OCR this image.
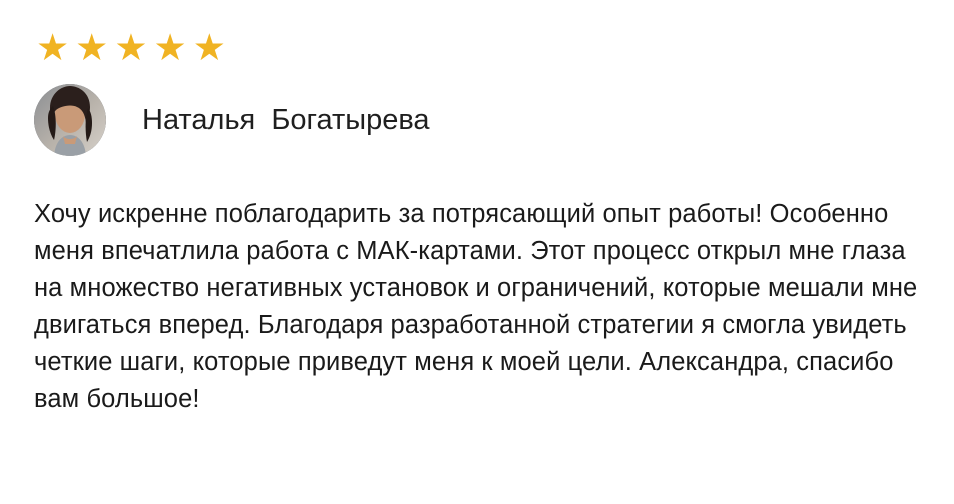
★ ★ ★ ★ ★
Наталья  Богатырева
Хочу искренне поблагодарить за потрясающий опыт работы! Особенно меня впечатлила работа с МАК-картами. Этот процесс открыл мне глаза на множество негативных установок и ограничений, которые мешали мне двигаться вперед. Благодаря разработанной стратегии я смогла увидеть четкие шаги, которые приведут меня к моей цели. Александра, спасибо вам большое!
